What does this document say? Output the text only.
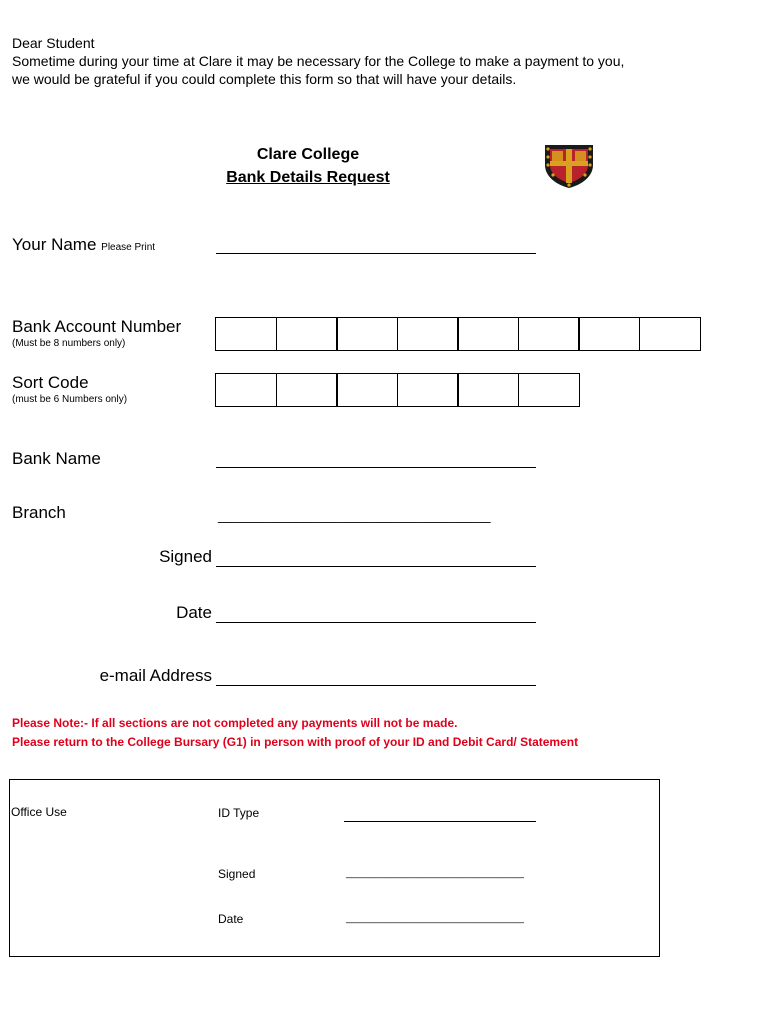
Dear Student
Sometime during your time at Clare it may be necessary for the College to make a payment to you,
we would be grateful if you could complete this form so that will have your details.
Clare College
Bank Details Request
Your Name Please Print
Bank Account Number
(Must be 8 numbers only)
Sort Code
(must be 6 Numbers only)
Bank Name
Branch	___________________________________
Signed
Date
e-mail Address
Please Note:- If all sections are not completed any payments will not be made.
Please return to the College Bursary (G1) in person with proof of your ID and Debit Card/ Statement
Office Use	ID Type
Signed	________________________________
Date	________________________________
